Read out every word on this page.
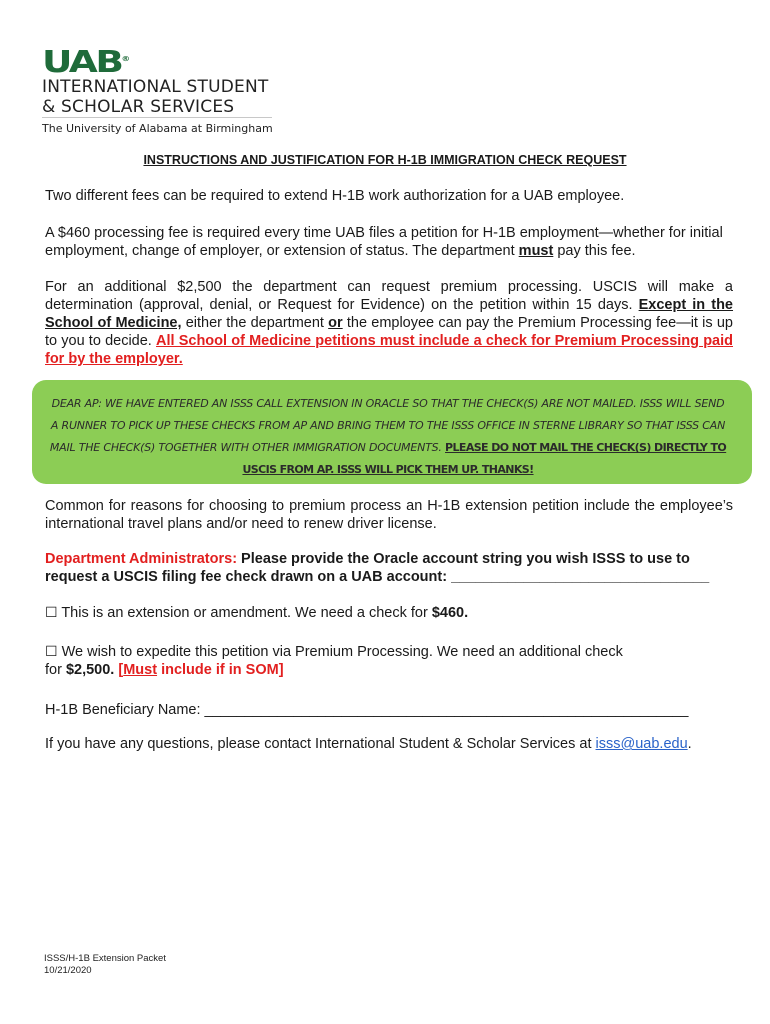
UAB®
INTERNATIONAL STUDENT
& SCHOLAR SERVICES
The University of Alabama at Birmingham
INSTRUCTIONS AND JUSTIFICATION FOR H-1B IMMIGRATION CHECK REQUEST
Two different fees can be required to extend H-1B work authorization for a UAB employee.
A $460 processing fee is required every time UAB files a petition for H-1B employment—whether for initial employment, change of employer, or extension of status. The department must pay this fee.
For an additional $2,500 the department can request premium processing. USCIS will make a determination (approval, denial, or Request for Evidence) on the petition within 15 days. Except in the School of Medicine, either the department or the employee can pay the Premium Processing fee—it is up to you to decide. All School of Medicine petitions must include a check for Premium Processing paid for by the employer.
DEAR AP: WE HAVE ENTERED AN ISSS CALL EXTENSION IN ORACLE SO THAT THE CHECK(S) ARE NOT MAILED. ISSS WILL SEND A RUNNER TO PICK UP THESE CHECKS FROM AP AND BRING THEM TO THE ISSS OFFICE IN STERNE LIBRARY SO THAT ISSS CAN MAIL THE CHECK(S) TOGETHER WITH OTHER IMMIGRATION DOCUMENTS. PLEASE DO NOT MAIL THE CHECK(S) DIRECTLY TO USCIS FROM AP. ISSS WILL PICK THEM UP. THANKS!
Common for reasons for choosing to premium process an H-1B extension petition include the employee’s international travel plans and/or need to renew driver license.
Department Administrators: Please provide the Oracle account string you wish ISSS to use to request a USCIS filing fee check drawn on a UAB account: ________________________________
☐ This is an extension or amendment. We need a check for $460.
☐ We wish to expedite this petition via Premium Processing. We need an additional check
for $2,500. [Must include if in SOM]
H-1B Beneficiary Name: ____________________________________________________________
If you have any questions, please contact International Student & Scholar Services at isss@uab.edu.
ISSS/H-1B Extension Packet
10/21/2020
